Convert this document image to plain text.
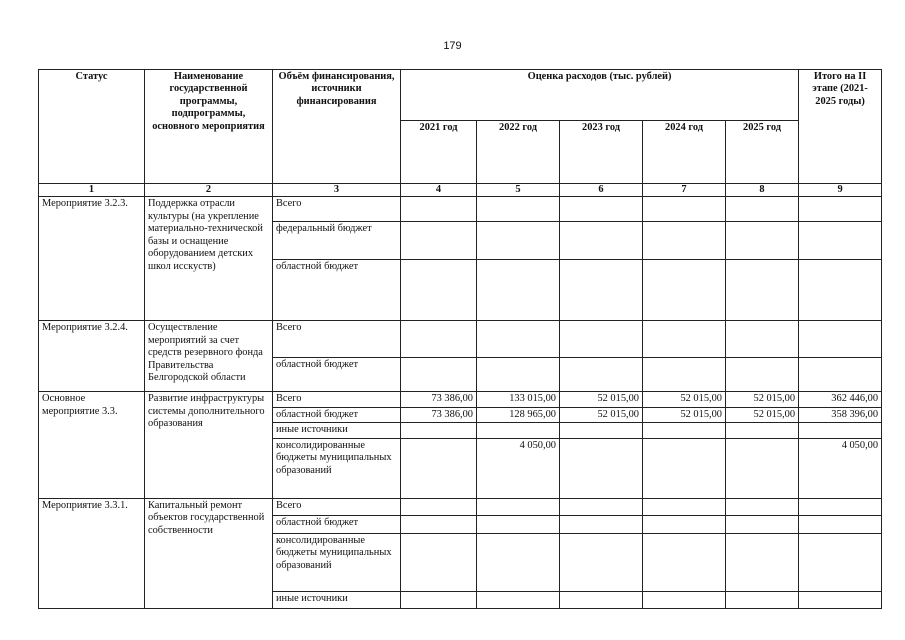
179
Статус	Наименование государственной программы, подпрограммы, основного мероприятия	Объём финансирования, источники финансирования	Оценка расходов (тыс. рублей)					Итого на II этапе (2021-2025 годы)
			2021 год	2022 год	2023 год	2024 год	2025 год	
1	2	3	4	5	6	7	8	9
Мероприятие 3.2.3.	Поддержка отрасли культуры (на укрепление материально-технической базы и оснащение оборудованием детских школ исскуств)	Всего						
		федеральный бюджет						
		областной бюджет						
Мероприятие 3.2.4.	Осуществление мероприятий за счет средств резервного фонда Правительства Белгородской области	Всего						
		областной бюджет						
Основное мероприятие 3.3.	Развитие инфраструктуры системы дополнительного образования	Всего	73 386,00	133 015,00	52 015,00	52 015,00	52 015,00	362 446,00
		областной бюджет	73 386,00	128 965,00	52 015,00	52 015,00	52 015,00	358 396,00
		иные источники						
		консолидированные бюджеты муниципальных образований		4 050,00				4 050,00
Мероприятие 3.3.1.	Капитальный ремонт объектов государственной собственности	Всего						
		областной бюджет						
		консолидированные бюджеты муниципальных образований						
		иные источники						
